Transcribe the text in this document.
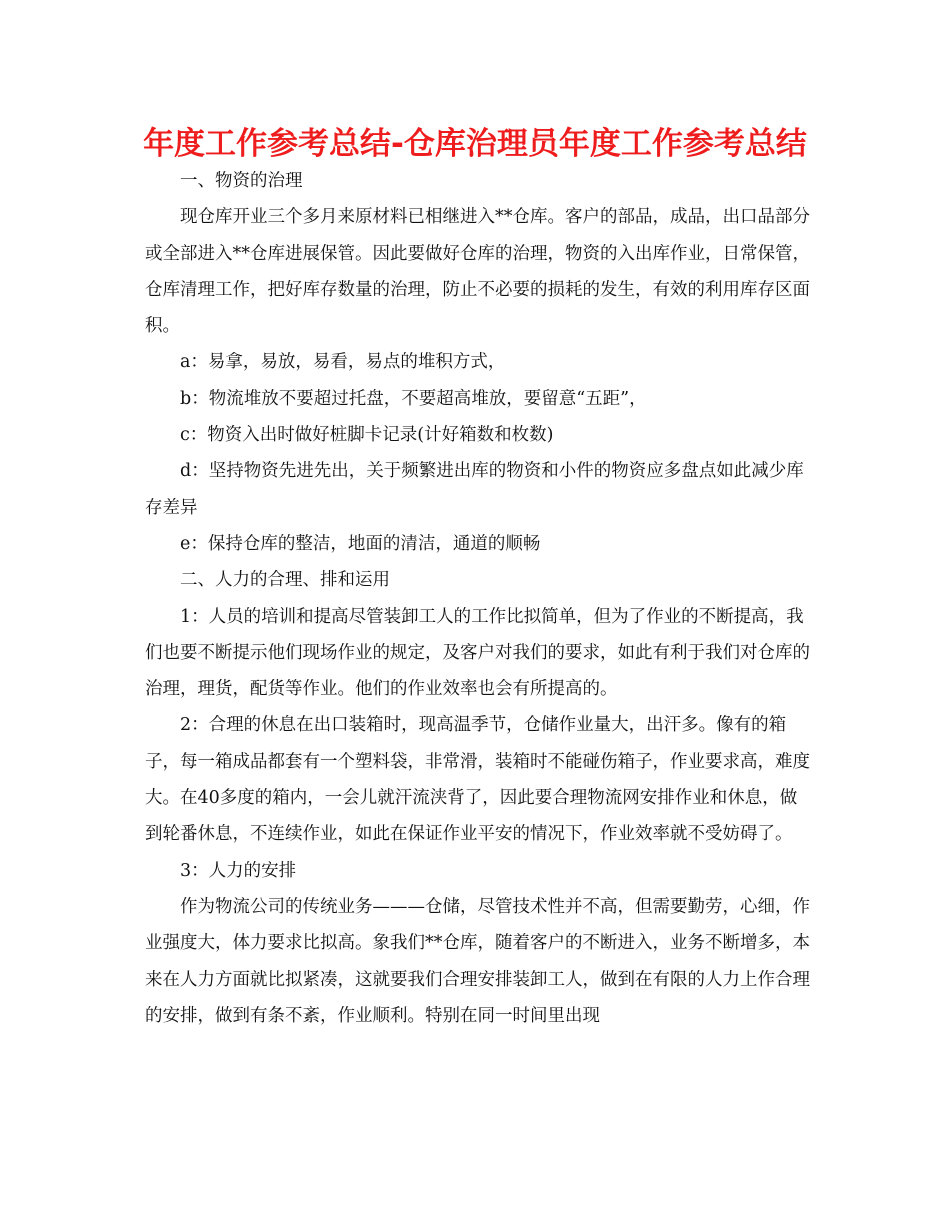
年度工作参考总结-仓库治理员年度工作参考总结

一、物资的治理

现仓库开业三个多月来原材料已相继进入**仓库。客户的部品，成品，出口品部分或全部进入**仓库进展保管。因此要做好仓库的治理，物资的入出库作业，日常保管，仓库清理工作，把好库存数量的治理，防止不必要的损耗的发生，有效的利用库存区面积。

a：易拿，易放，易看，易点的堆积方式，

b：物流堆放不要超过托盘，不要超高堆放，要留意“五距”，

c：物资入出时做好桩脚卡记录(计好箱数和枚数)

d：坚持物资先进先出，关于频繁进出库的物资和小件的物资应多盘点如此减少库存差异

e：保持仓库的整洁，地面的清洁，通道的顺畅

二、人力的合理、排和运用

1：人员的培训和提高尽管装卸工人的工作比拟简单，但为了作业的不断提高，我们也要不断提示他们现场作业的规定，及客户对我们的要求，如此有利于我们对仓库的治理，理货，配货等作业。他们的作业效率也会有所提高的。

2：合理的休息在出口装箱时，现高温季节，仓储作业量大，出汗多。像有的箱子，每一箱成品都套有一个塑料袋，非常滑，装箱时不能碰伤箱子，作业要求高，难度大。在40多度的箱内，一会儿就汗流浃背了，因此要合理物流网安排作业和休息，做到轮番休息，不连续作业，如此在保证作业平安的情况下，作业效率就不受妨碍了。

3：人力的安排

作为物流公司的传统业务———仓储，尽管技术性并不高，但需要勤劳，心细，作业强度大，体力要求比拟高。象我们**仓库，随着客户的不断进入，业务不断增多，本来在人力方面就比拟紧凑，这就要我们合理安排装卸工人，做到在有限的人力上作合理的安排，做到有条不紊，作业顺利。特别在同一时间里出现
